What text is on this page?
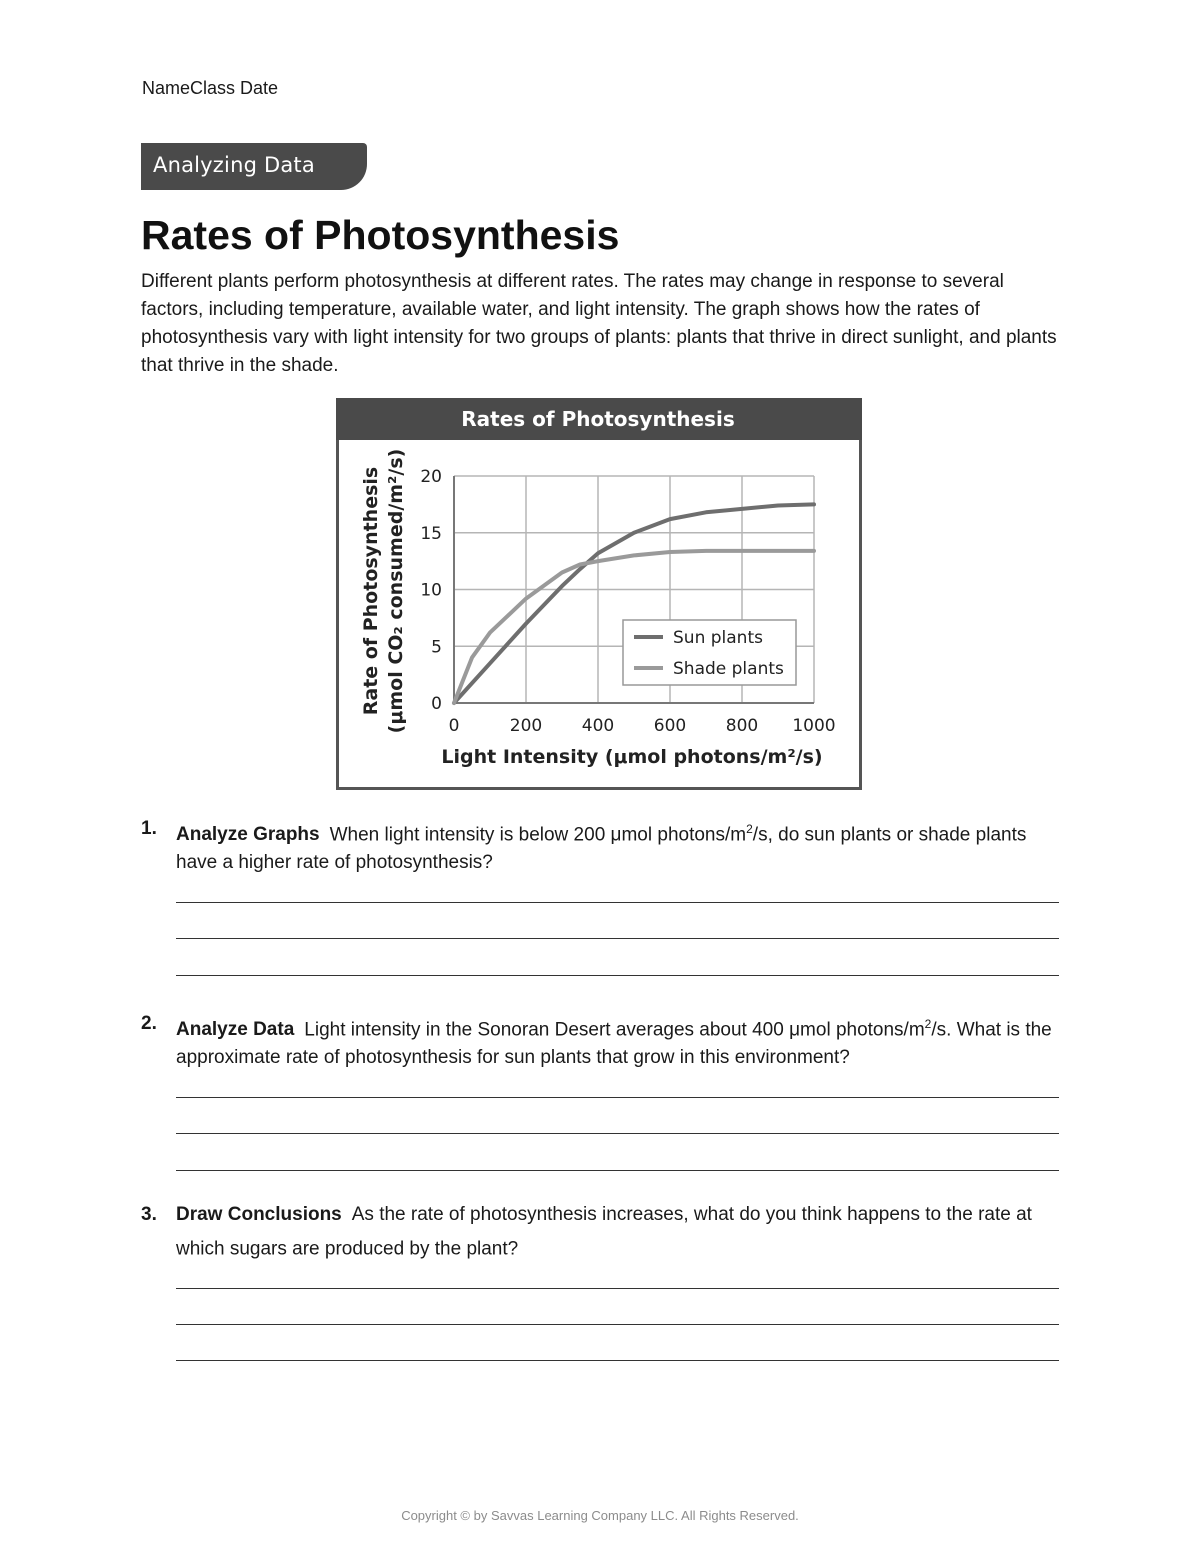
NameClass Date
Analyzing Data
Rates of Photosynthesis

Different plants perform photosynthesis at different rates. The rates may change in response to several factors, including temperature, available water, and light intensity. The graph shows how the rates of photosynthesis vary with light intensity for two groups of plants: plants that thrive in direct sunlight, and plants that thrive in the shade.

Rates of Photosynthesis
0	200 400 600 800 1000
0
5
10
15
20
Light Intensity (μmol photons/m²/s)
Rate of Photosynthesis (μmol CO₂ consumed/m²/s)	Sun plants
Shade plants
1. Analyze Graphs When light intensity is below 200 μmol photons/$m^2/s$, do sun plants or shade plants have a higher rate of photosynthesis?
2. Analyze Data Light intensity in the Sonoran Desert averages about 400 μmol photons/$m^2/s$. What is the approximate rate of photosynthesis for sun plants that grow in this environment?
3. Draw Conclusions As the rate of photosynthesis increases, what do you think happens to the rate at which sugars are produced by the plant?
Copyright © by Savvas Learning Company LLC. All Rights Reserved.
